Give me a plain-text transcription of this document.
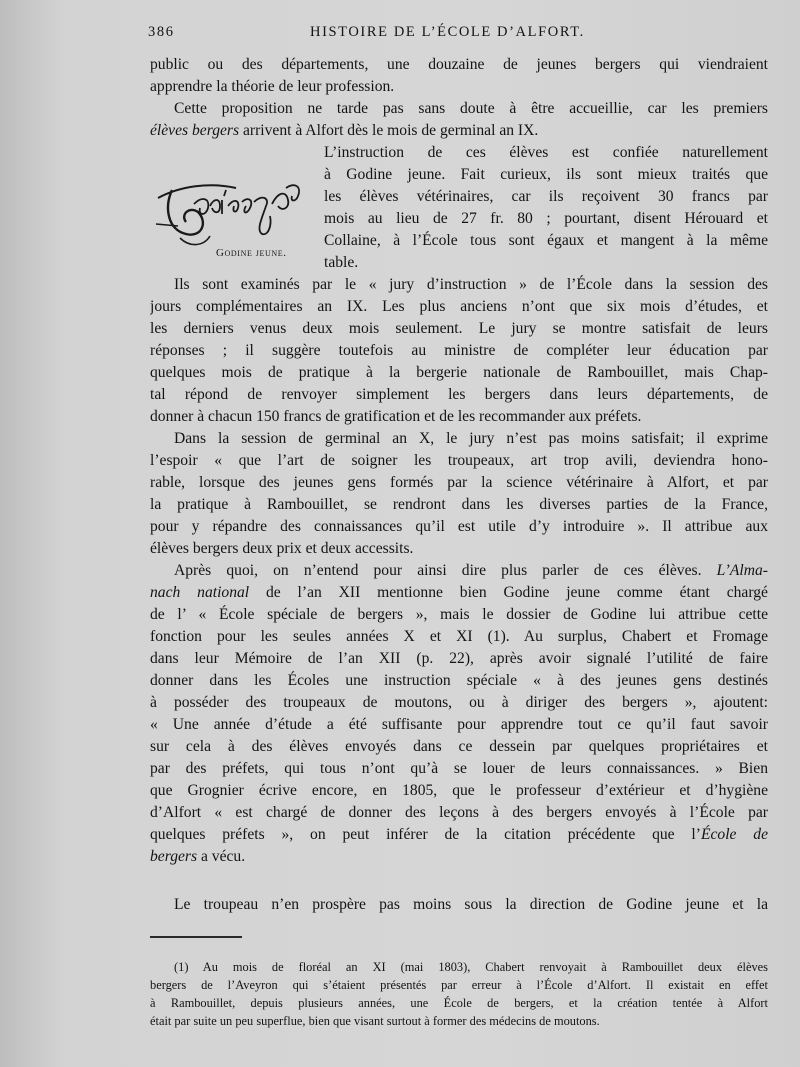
386	HISTOIRE DE L’ÉCOLE D’ALFORT.
public ou des départements, une douzaine de jeunes bergers qui viendraient
apprendre la théorie de leur profession.
Cette proposition ne tarde pas sans doute à être accueillie, car les premiers
élèves bergers arrivent à Alfort dès le mois de germinal an IX.
Godine jeune.
L’instruction de ces élèves est confiée naturellement
à Godine jeune. Fait curieux, ils sont mieux traités que
les élèves vétérinaires, car ils reçoivent 30 francs par
mois au lieu de 27 fr. 80 ; pourtant, disent Hérouard et
Collaine, à l’École tous sont égaux et mangent à la même
table.
Ils sont examinés par le « jury d’instruction » de l’École dans la session des
jours complémentaires an IX. Les plus anciens n’ont que six mois d’études, et
les derniers venus deux mois seulement. Le jury se montre satisfait de leurs
réponses ; il suggère toutefois au ministre de compléter leur éducation par
quelques mois de pratique à la bergerie nationale de Rambouillet, mais Chap-
tal répond de renvoyer simplement les bergers dans leurs départements, de
donner à chacun 150 francs de gratification et de les recommander aux préfets.
Dans la session de germinal an X, le jury n’est pas moins satisfait; il exprime
l’espoir « que l’art de soigner les troupeaux, art trop avili, deviendra hono-
rable, lorsque des jeunes gens formés par la science vétérinaire à Alfort, et par
la pratique à Rambouillet, se rendront dans les diverses parties de la France,
pour y répandre des connaissances qu’il est utile d’y introduire ». Il attribue aux
élèves bergers deux prix et deux accessits.
Après quoi, on n’entend pour ainsi dire plus parler de ces élèves. L’Alma-
nach national de l’an XII mentionne bien Godine jeune comme étant chargé
de l’ « École spéciale de bergers », mais le dossier de Godine lui attribue cette
fonction pour les seules années X et XI (1). Au surplus, Chabert et Fromage
dans leur Mémoire de l’an XII (p. 22), après avoir signalé l’utilité de faire
donner dans les Écoles une instruction spéciale « à des jeunes gens destinés
à posséder des troupeaux de moutons, ou à diriger des bergers », ajoutent:
« Une année d’étude a été suffisante pour apprendre tout ce qu’il faut savoir
sur cela à des élèves envoyés dans ce dessein par quelques propriétaires et
par des préfets, qui tous n’ont qu’à se louer de leurs connaissances. » Bien
que Grognier écrive encore, en 1805, que le professeur d’extérieur et d’hygiène
d’Alfort « est chargé de donner des leçons à des bergers envoyés à l’École par
quelques préfets », on peut inférer de la citation précédente que l’École de
bergers a vécu.
Le troupeau n’en prospère pas moins sous la direction de Godine jeune et la
(1) Au mois de floréal an XI (mai 1803), Chabert renvoyait à Rambouillet deux élèves
bergers de l’Aveyron qui s’étaient présentés par erreur à l’École d’Alfort. Il existait en effet
à Rambouillet, depuis plusieurs années, une École de bergers, et la création tentée à Alfort
était par suite un peu superflue, bien que visant surtout à former des médecins de moutons.
